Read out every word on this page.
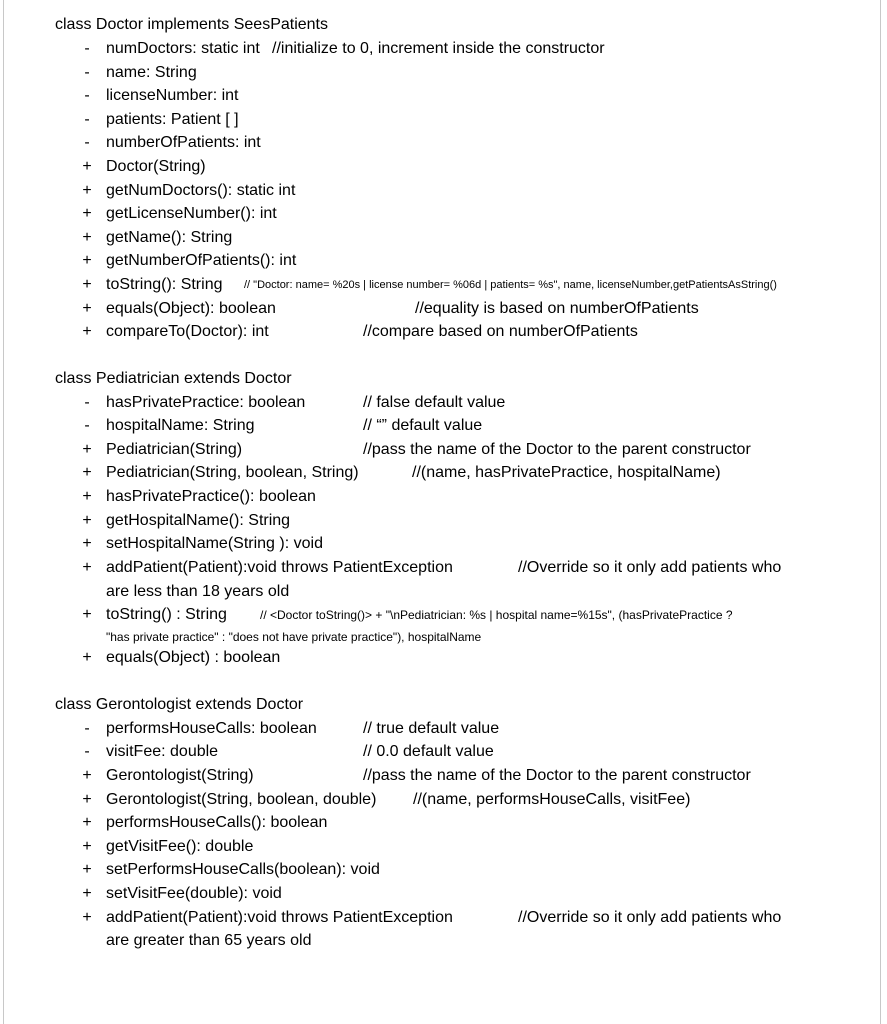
class Doctor implements SeesPatients
- numDoctors: static int //initialize to 0, increment inside the constructor
- name: String
- licenseNumber: int
- patients: Patient [ ]
- numberOfPatients: int
+ Doctor(String)
+ getNumDoctors(): static int
+ getLicenseNumber(): int
+ getName(): String
+ getNumberOfPatients(): int
+ toString(): String // "Doctor: name= %20s | license number= %06d | patients= %s", name, licenseNumber,getPatientsAsString()
+ equals(Object): boolean	//equality is based on numberOfPatients
+ compareTo(Doctor): int	//compare based on numberOfPatients
class Pediatrician extends Doctor
- hasPrivatePractice: boolean	// false default value
- hospitalName: String	// “” default value
+ Pediatrician(String)	//pass the name of the Doctor to the parent constructor
+ Pediatrician(String, boolean, String)	//(name, hasPrivatePractice, hospitalName)
+ hasPrivatePractice(): boolean
+ getHospitalName(): String
+ setHospitalName(String ): void
+ addPatient(Patient):void throws PatientException	//Override so it only add patients who
are less than 18 years old
+ toString() : String	// <Doctor toString()> + "\nPediatrician: %s | hospital name=%15s", (hasPrivatePractice ?
"has private practice" : "does not have private practice"), hospitalName
+ equals(Object) : boolean
class Gerontologist extends Doctor
- performsHouseCalls: boolean	// true default value
- visitFee: double	// 0.0 default value
+ Gerontologist(String)	//pass the name of the Doctor to the parent constructor
+ Gerontologist(String, boolean, double) //(name, performsHouseCalls, visitFee)
+ performsHouseCalls(): boolean
+ getVisitFee(): double
+ setPerformsHouseCalls(boolean): void
+ setVisitFee(double): void
+ addPatient(Patient):void throws PatientException	//Override so it only add patients who
are greater than 65 years old
